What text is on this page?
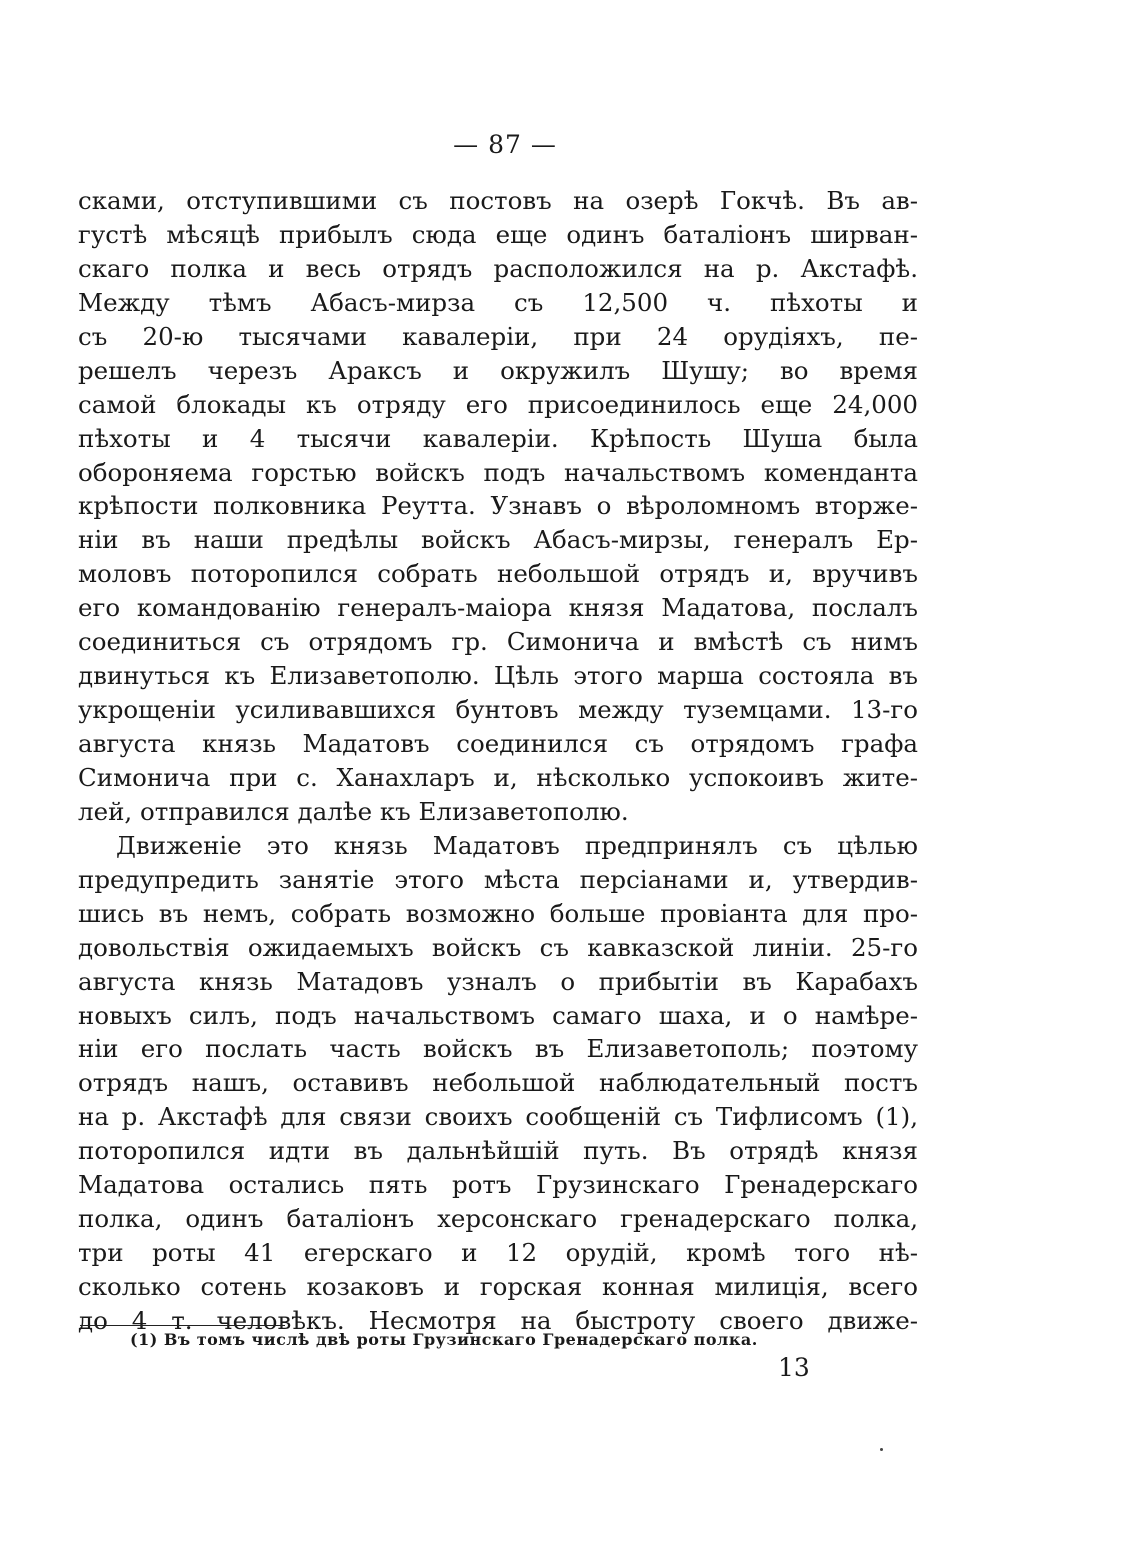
— 87 —
сками, отступившими съ постовъ на озерѣ Гокчѣ. Въ ав-
густѣ мѣсяцѣ прибылъ сюда еще одинъ баталіонъ ширван-
скаго полка и весь отрядъ расположился на р. Акстафѣ.
Между тѣмъ Абасъ-мирза съ 12,500 ч. пѣхоты и
съ 20-ю тысячами кавалеріи, при 24 орудіяхъ, пе-
решелъ черезъ Араксъ и окружилъ Шушу; во время
самой блокады къ отряду его присоединилось еще 24,000
пѣхоты и 4 тысячи кавалеріи. Крѣпость Шуша была
обороняема горстью войскъ подъ начальствомъ коменданта
крѣпости полковника Реутта. Узнавъ о вѣроломномъ вторже-
ніи въ наши предѣлы войскъ Абасъ-мирзы, генералъ Ер-
моловъ поторопился собрать небольшой отрядъ и, вручивъ
его командованію генералъ-маіора князя Мадатова, послалъ
соединиться съ отрядомъ гр. Симонича и вмѣстѣ съ нимъ
двинуться къ Елизаветополю. Цѣль этого марша состояла въ
укрощеніи усиливавшихся бунтовъ между туземцами. 13-го
августа князь Мадатовъ соединился съ отрядомъ графа
Симонича при с. Ханахларъ и, нѣсколько успокоивъ жите-
лей, отправился далѣе къ Елизаветополю.
Движеніе это князь Мадатовъ предпринялъ съ цѣлью
предупредить занятіе этого мѣста персіанами и, утвердив-
шись въ немъ, собрать возможно больше провіанта для про-
довольствія ожидаемыхъ войскъ съ кавказской линіи. 25-го
августа князь Матадовъ узналъ о прибытіи въ Карабахъ
новыхъ силъ, подъ начальствомъ самаго шаха, и о намѣре-
ніи его послать часть войскъ въ Елизаветополь; поэтому
отрядъ нашъ, оставивъ небольшой наблюдательный постъ
на р. Акстафѣ для связи своихъ сообщеній съ Тифлисомъ (1),
поторопился идти въ дальнѣйшій путь. Въ отрядѣ князя
Мадатова остались пять ротъ Грузинскаго Гренадерскаго
полка, одинъ баталіонъ херсонскаго гренадерскаго полка,
три роты 41 егерскаго и 12 орудій, кромѣ того нѣ-
сколько сотень козаковъ и горская конная милиція, всего
до 4 т. человѣкъ. Несмотря на быстроту своего движе-
(1) Въ томъ числѣ двѣ роты Грузинскаго Гренадерскаго полка.
13
